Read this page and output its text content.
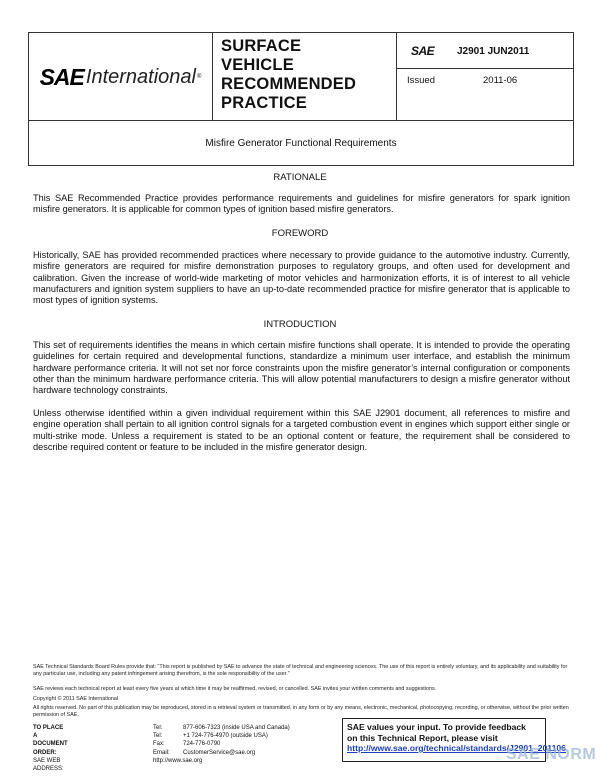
SAE International ®
SURFACE
VEHICLE
RECOMMENDED
PRACTICE
SAE J2901 JUN2011
Issued	2011-06
Misfire Generator Functional Requirements
RATIONALE
This SAE Recommended Practice provides performance requirements and guidelines for misfire generators for spark ignition misfire generators. It is applicable for common types of ignition based misfire generators.
FOREWORD
Historically, SAE has provided recommended practices where necessary to provide guidance to the automotive industry. Currently, misfire generators are required for misfire demonstration purposes to regulatory groups, and often used for development and calibration. Given the increase of world-wide marketing of motor vehicles and harmonization efforts, it is of interest to all vehicle manufacturers and ignition system suppliers to have an up-to-date recommended practice for misfire generator that is applicable to most types of ignition systems.
INTRODUCTION
This set of requirements identifies the means in which certain misfire functions shall operate. It is intended to provide the operating guidelines for certain required and developmental functions, standardize a minimum user interface, and establish the minimum hardware performance criteria. It will not set nor force constraints upon the misfire generator’s internal configuration or components other than the minimum hardware performance criteria. This will allow potential manufacturers to design a misfire generator without hardware technology constraints.
Unless otherwise identified within a given individual requirement within this SAE J2901 document, all references to misfire and engine operation shall pertain to all ignition control signals for a targeted combustion event in engines which support either single or multi-strike mode. Unless a requirement is stated to be an optional content or feature, the requirement shall be considered to describe required content or feature to be included in the misfire generator design.
SAE Technical Standards Board Rules provide that: “This report is published by SAE to advance the state of technical and engineering sciences. The use of this report is entirely voluntary, and its applicability and suitability for any particular use, including any patent infringement arising therefrom, is the sole responsibility of the user.”
SAE reviews each technical report at least every five years at which time it may be reaffirmed, revised, or cancelled. SAE invites your written comments and suggestions.
Copyright © 2011 SAE International
All rights reserved. No part of this publication may be reproduced, stored in a retrieval system or transmitted, in any form or by any means, electronic, mechanical, photocopying, recording, or otherwise, without the prior written permission of SAE.
TO PLACE A DOCUMENT ORDER:
Tel:	877-606-7323 (inside USA and Canada)
Tel:	+1 724-776-4970 (outside USA)
Fax:	724-776-0790
Email: CustomerService@sae.org
SAE WEB ADDRESS:
http://www.sae.org
SAE values your input. To provide feedback
on this Technical Report, please visit
http://www.sae.org/technical/standards/J2901_201106
SAE NORM
